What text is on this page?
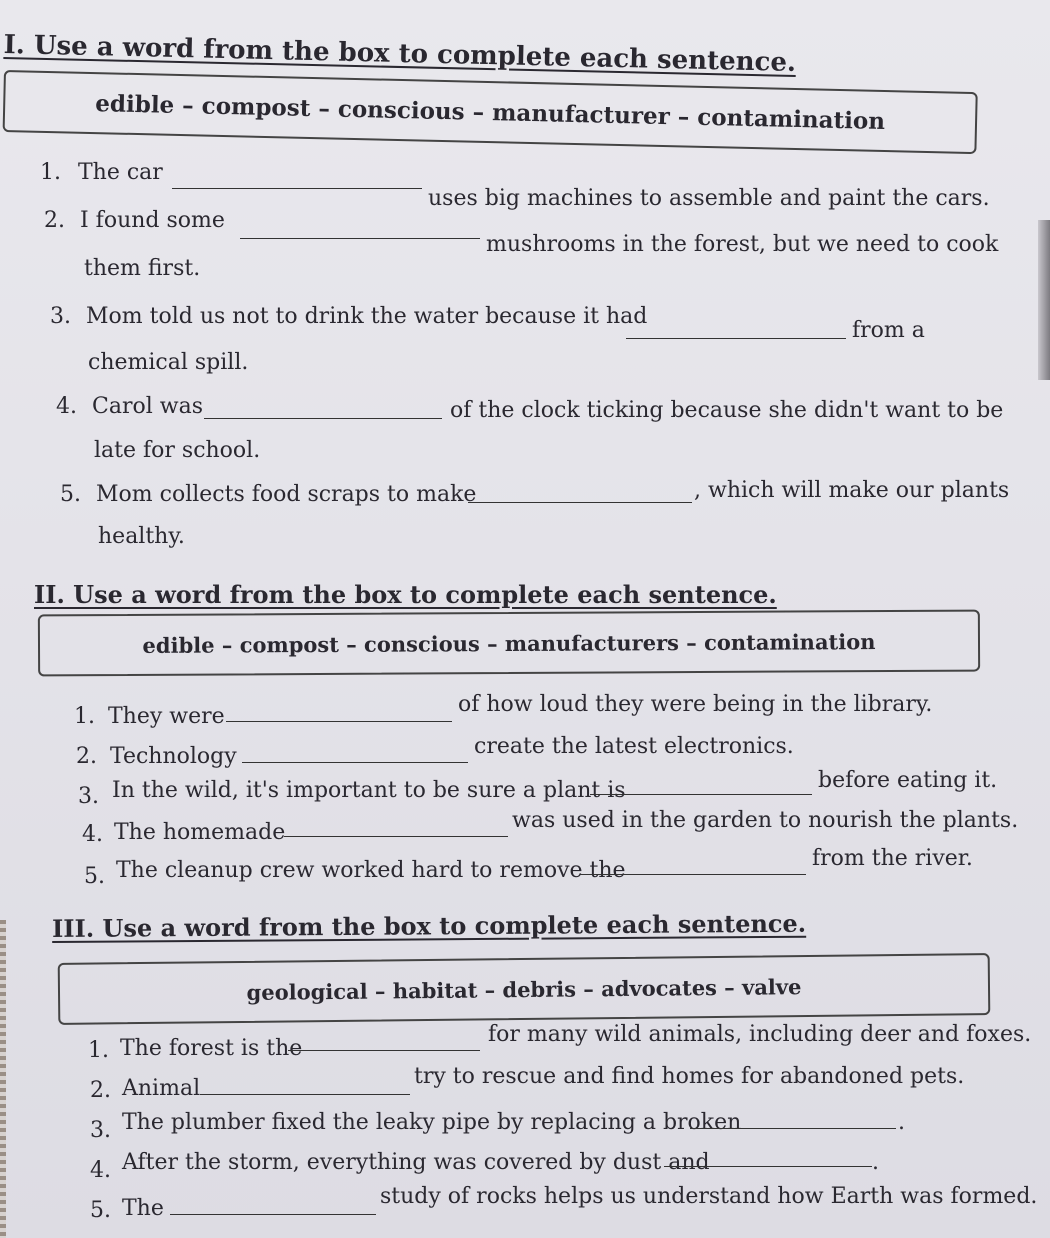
I. Use a word from the box to complete each sentence.
edible – compost – conscious – manufacturer – contamination
1. The car
uses big machines to assemble and paint the cars.
2. I found some
mushrooms in the forest, but we need to cook
them first.
3. Mom told us not to drink the water because it had
from a
chemical spill.
4. Carol was	of the clock ticking because she didn't want to be
late for school.
5. Mom collects food scraps to make	, which will make our plants
healthy.
II. Use a word from the box to complete each sentence.
edible – compost – conscious – manufacturers – contamination
1. They were	of how loud they were being in the library.
2. Technology	create the latest electronics.
3. In the wild, it's important to be sure a plant is	before eating it.
4. The homemade	was used in the garden to nourish the plants.
5. The cleanup crew worked hard to remove the	from the river.
III. Use a word from the box to complete each sentence.
geological – habitat – debris – advocates – valve
1. The forest is the
for many wild animals, including deer and foxes.
2. Animal	try to rescue and find homes for abandoned pets.
3. The plumber fixed the leaky pipe by replacing a broken	.
4. After the storm, everything was covered by dust and	.
5. The	study of rocks helps us understand how Earth was formed.
